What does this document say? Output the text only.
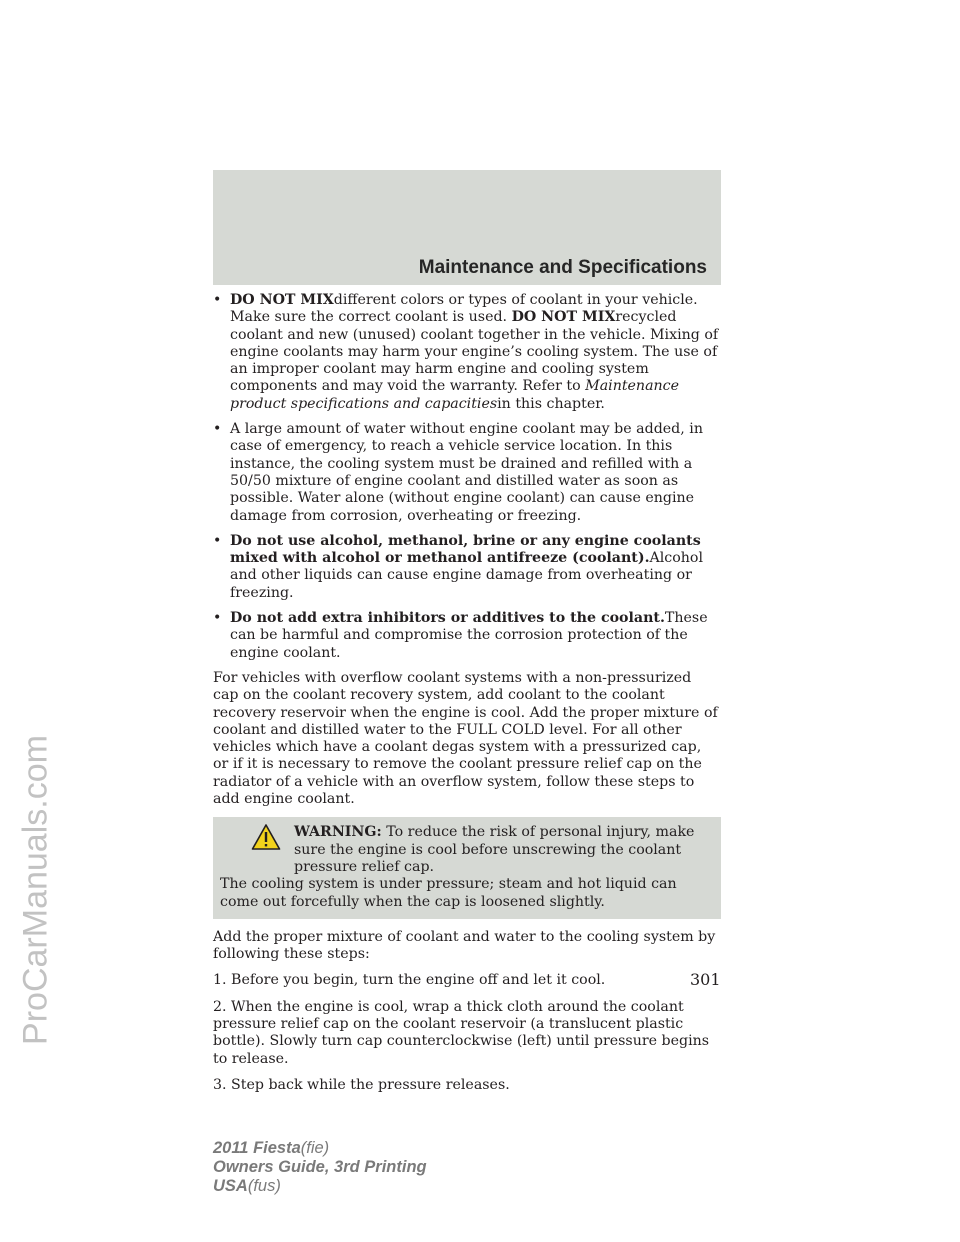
ProCarManuals.com
Maintenance and Specifications
• DO NOT MIXdifferent colors or types of coolant in your vehicle. Make sure the correct coolant is used. DO NOT MIXrecycled coolant and new (unused) coolant together in the vehicle. Mixing of engine coolants may harm your engine’s cooling system. The use of an improper coolant may harm engine and cooling system components and may void the warranty. Refer to Maintenance product specifications and capacitiesin this chapter.
• A large amount of water without engine coolant may be added, in case of emergency, to reach a vehicle service location. In this instance, the cooling system must be drained and refilled with a 50/50 mixture of engine coolant and distilled water as soon as possible. Water alone (without engine coolant) can cause engine damage from corrosion, overheating or freezing.
• Do not use alcohol, methanol, brine or any engine coolants mixed with alcohol or methanol antifreeze (coolant).Alcohol and other liquids can cause engine damage from overheating or freezing.
• Do not add extra inhibitors or additives to the coolant.These can be harmful and compromise the corrosion protection of the engine coolant.

For vehicles with overflow coolant systems with a non-pressurized cap on the coolant recovery system, add coolant to the coolant recovery reservoir when the engine is cool. Add the proper mixture of coolant and distilled water to the FULL COLD level. For all other vehicles which have a coolant degas system with a pressurized cap, or if it is necessary to remove the coolant pressure relief cap on the radiator of a vehicle with an overflow system, follow these steps to add engine coolant.

WARNING: To reduce the risk of personal injury, make sure the engine is cool before unscrewing the coolant pressure relief cap.
The cooling system is under pressure; steam and hot liquid can come out forcefully when the cap is loosened slightly.

Add the proper mixture of coolant and water to the cooling system by following these steps:

1. Before you begin, turn the engine off and let it cool.

2. When the engine is cool, wrap a thick cloth around the coolant pressure relief cap on the coolant reservoir (a translucent plastic bottle). Slowly turn cap counterclockwise (left) until pressure begins to release.

3. Step back while the pressure releases.

301
2011 Fiesta(fie)
Owners Guide, 3rd Printing
USA(fus)
